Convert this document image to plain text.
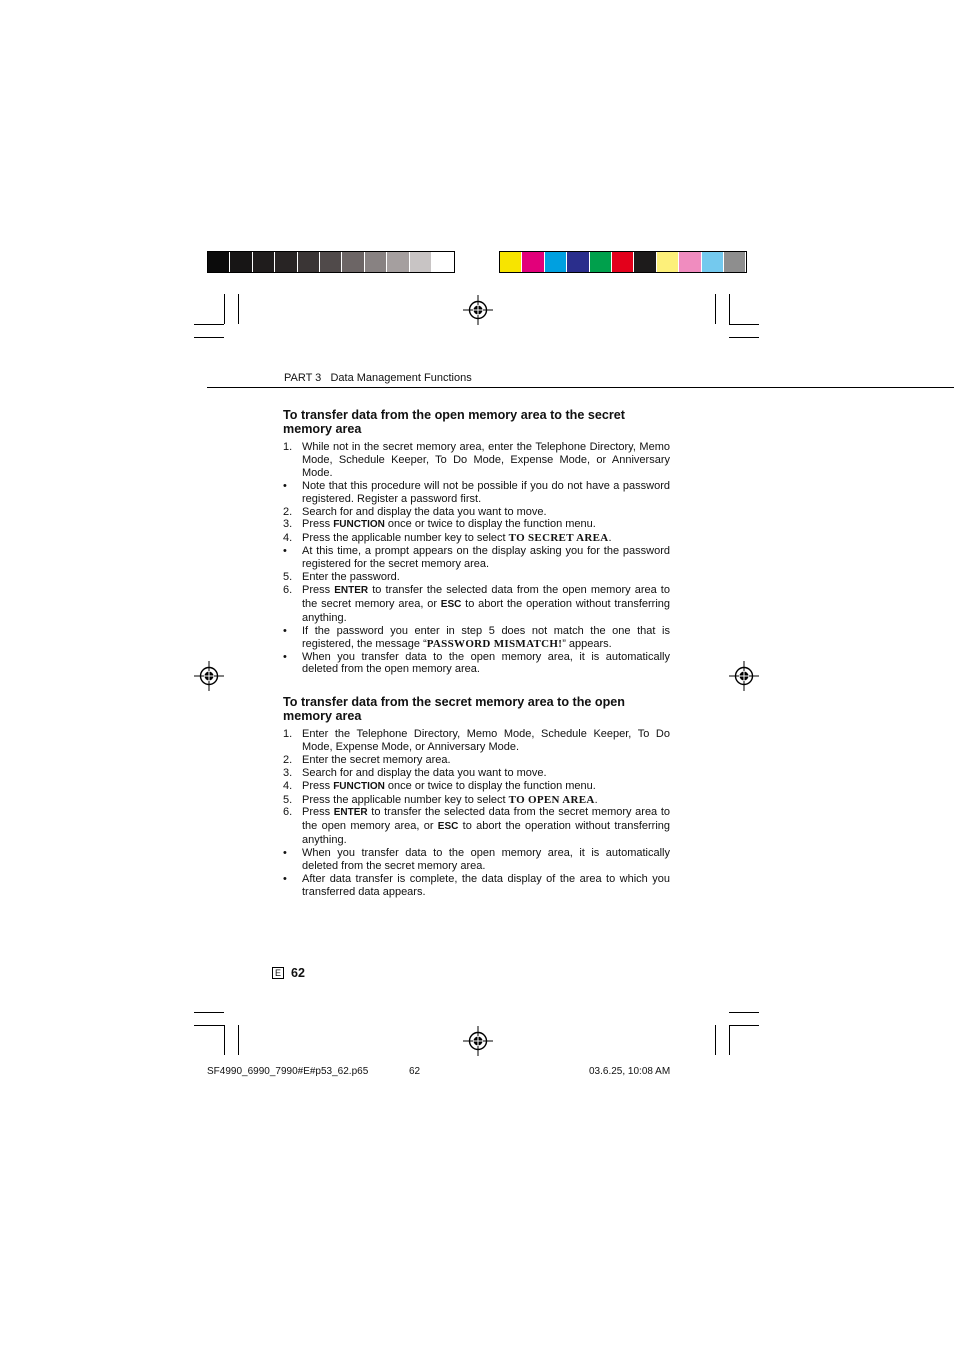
PART 3 Data Management Functions
To transfer data from the open memory area to the secret
memory area
1. While not in the secret memory area, enter the Telephone Directory, Memo Mode, Schedule Keeper, To Do Mode, Expense Mode, or Anniversary Mode.
• Note that this procedure will not be possible if you do not have a password registered. Register a password first.
2. Search for and display the data you want to move.
3. Press FUNCTION once or twice to display the function menu.
4. Press the applicable number key to select TO SECRET AREA.
• At this time, a prompt appears on the display asking you for the password registered for the secret memory area.
5. Enter the password.
6. Press ENTER to transfer the selected data from the open memory area to the secret memory area, or ESC to abort the operation without transferring anything.
• If the password you enter in step 5 does not match the one that is registered, the message “PASSWORD MISMATCH!” appears.
• When you transfer data to the open memory area, it is automatically deleted from the open memory area.
To transfer data from the secret memory area to the open
memory area
1. Enter the Telephone Directory, Memo Mode, Schedule Keeper, To Do Mode, Expense Mode, or Anniversary Mode.
2. Enter the secret memory area.
3. Search for and display the data you want to move.
4. Press FUNCTION once or twice to display the function menu.
5. Press the applicable number key to select TO OPEN AREA.
6. Press ENTER to transfer the selected data from the secret memory area to the open memory area, or ESC to abort the operation without transferring anything.
• When you transfer data to the open memory area, it is automatically deleted from the secret memory area.
• After data transfer is complete, the data display of the area to which you transferred data appears.
E 62
SF4990_6990_7990#E#p53_62.p65	62	03.6.25, 10:08 AM
